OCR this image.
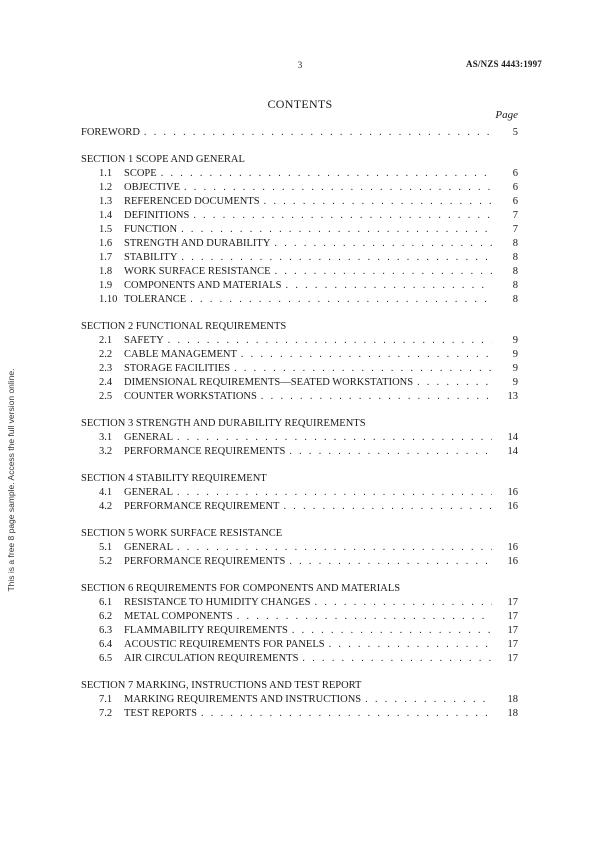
3	AS/NZS 4443:1997
This is a free 8 page sample. Access the full version online.
CONTENTS
Page
FOREWORD . . .	5
SECTION 1 SCOPE AND GENERAL
1.1	SCOPE . . .	6
1.2	OBJECTIVE . . .	6
1.3	REFERENCED DOCUMENTS . . .	6
1.4	DEFINITIONS . . .	7
1.5	FUNCTION . . .	7
1.6	STRENGTH AND DURABILITY . . .	8
1.7	STABILITY . . .	8
1.8	WORK SURFACE RESISTANCE . . .	8
1.9	COMPONENTS AND MATERIALS . . .	8
1.10 TOLERANCE . . .	8
SECTION 2 FUNCTIONAL REQUIREMENTS
2.1	SAFETY . . .	9
2.2	CABLE MANAGEMENT . . .	9
2.3	STORAGE FACILITIES . . .	9
2.4	DIMENSIONAL REQUIREMENTS—SEATED WORKSTATIONS . . .	9
2.5	COUNTER WORKSTATIONS . . .	13
SECTION 3 STRENGTH AND DURABILITY REQUIREMENTS
3.1	GENERAL . . .	14
3.2	PERFORMANCE REQUIREMENTS . . .	14
SECTION 4 STABILITY REQUIREMENT
4.1	GENERAL . . .	16
4.2	PERFORMANCE REQUIREMENT . . .	16
SECTION 5 WORK SURFACE RESISTANCE
5.1	GENERAL . . .	16
5.2	PERFORMANCE REQUIREMENTS . . .	16
SECTION 6 REQUIREMENTS FOR COMPONENTS AND MATERIALS
6.1	RESISTANCE TO HUMIDITY CHANGES . . .	17
6.2	METAL COMPONENTS . . .	17
6.3	FLAMMABILITY REQUIREMENTS . . .	17
6.4	ACOUSTIC REQUIREMENTS FOR PANELS . . .	17
6.5	AIR CIRCULATION REQUIREMENTS . . .	17
SECTION 7 MARKING, INSTRUCTIONS AND TEST REPORT
7.1	MARKING REQUIREMENTS AND INSTRUCTIONS . . .	18
7.2	TEST REPORTS . . .	18
